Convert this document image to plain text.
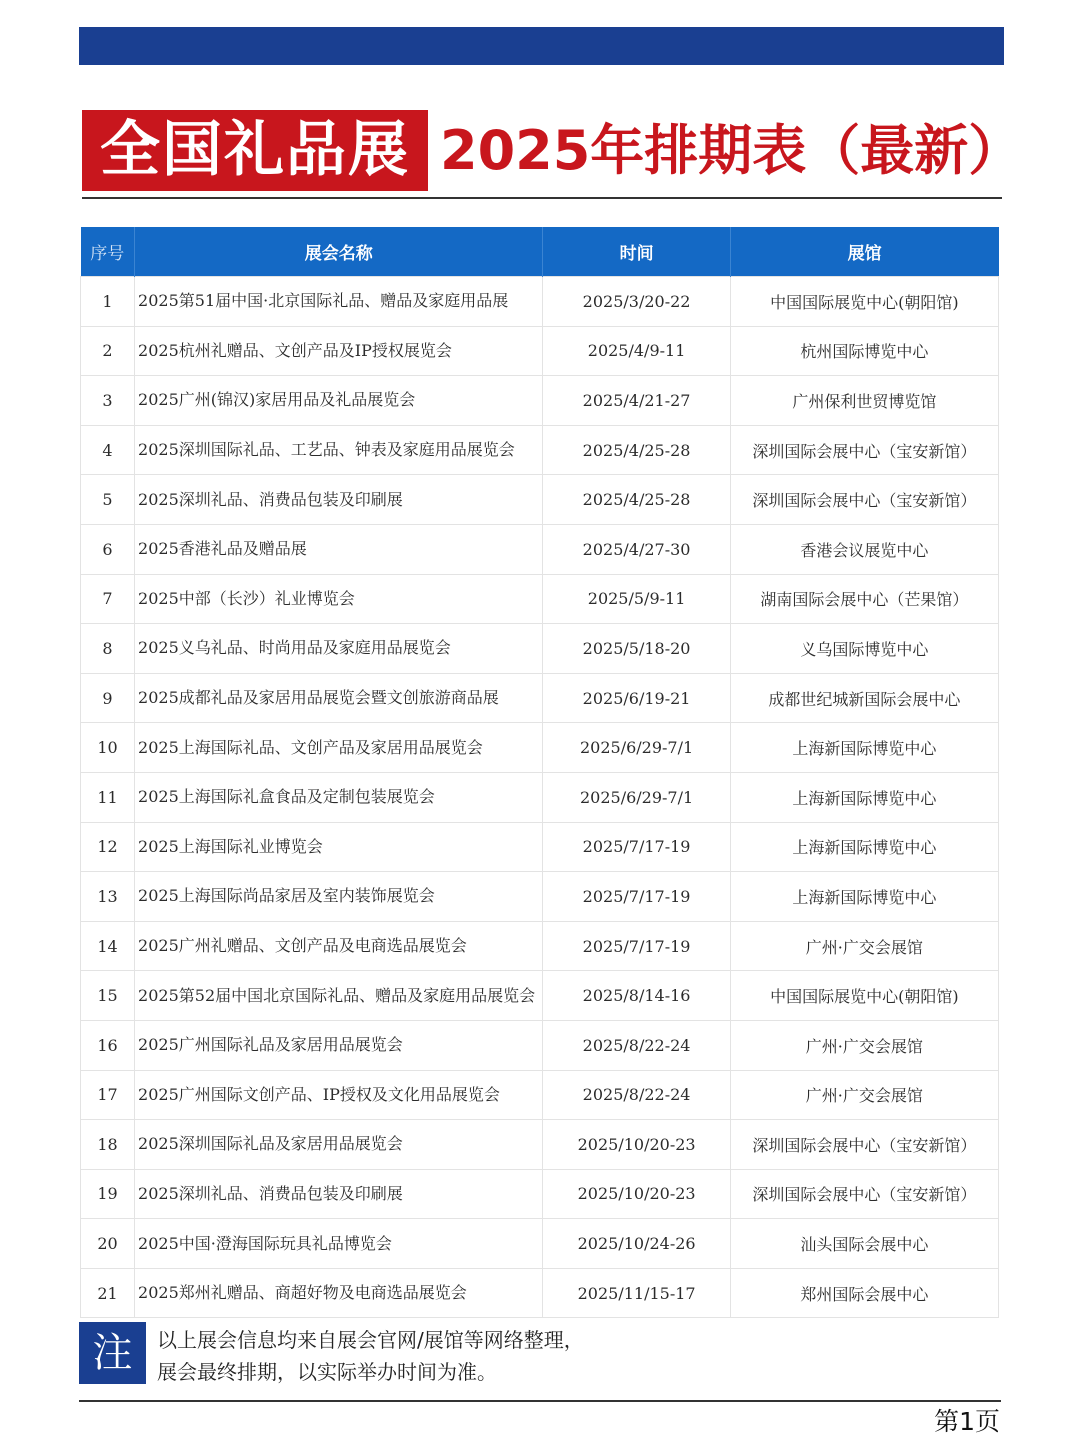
全国礼品展 2025年排期表（最新）
序号	展会名称	时间	展馆
1	2025第51届中国·北京国际礼品、赠品及家庭用品展	2025/3/20-22	中国国际展览中心(朝阳馆)
2	2025杭州礼赠品、文创产品及IP授权展览会	2025/4/9-11	杭州国际博览中心
3	2025广州(锦汉)家居用品及礼品展览会	2025/4/21-27	广州保利世贸博览馆
4	2025深圳国际礼品、工艺品、钟表及家庭用品展览会	2025/4/25-28	深圳国际会展中心（宝安新馆）
5	2025深圳礼品、消费品包装及印刷展	2025/4/25-28	深圳国际会展中心（宝安新馆）
6	2025香港礼品及赠品展	2025/4/27-30	香港会议展览中心
7	2025中部（长沙）礼业博览会	2025/5/9-11	湖南国际会展中心（芒果馆）
8	2025义乌礼品、时尚用品及家庭用品展览会	2025/5/18-20	义乌国际博览中心
9	2025成都礼品及家居用品展览会暨文创旅游商品展	2025/6/19-21	成都世纪城新国际会展中心
10	2025上海国际礼品、文创产品及家居用品展览会	2025/6/29-7/1	上海新国际博览中心
11	2025上海国际礼盒食品及定制包装展览会	2025/6/29-7/1	上海新国际博览中心
12	2025上海国际礼业博览会	2025/7/17-19	上海新国际博览中心
13	2025上海国际尚品家居及室内装饰展览会	2025/7/17-19	上海新国际博览中心
14	2025广州礼赠品、文创产品及电商选品展览会	2025/7/17-19	广州·广交会展馆
15	2025第52届中国北京国际礼品、赠品及家庭用品展览会	2025/8/14-16	中国国际展览中心(朝阳馆)
16	2025广州国际礼品及家居用品展览会	2025/8/22-24	广州·广交会展馆
17	2025广州国际文创产品、IP授权及文化用品展览会	2025/8/22-24	广州·广交会展馆
18	2025深圳国际礼品及家居用品展览会	2025/10/20-23	深圳国际会展中心（宝安新馆）
19	2025深圳礼品、消费品包装及印刷展	2025/10/20-23	深圳国际会展中心（宝安新馆）
20	2025中国·澄海国际玩具礼品博览会	2025/10/24-26	汕头国际会展中心
21	2025郑州礼赠品、商超好物及电商选品展览会	2025/11/15-17	郑州国际会展中心
注	以上展会信息均来自展会官网/展馆等网络整理，
展会最终排期，以实际举办时间为准。
第1页
